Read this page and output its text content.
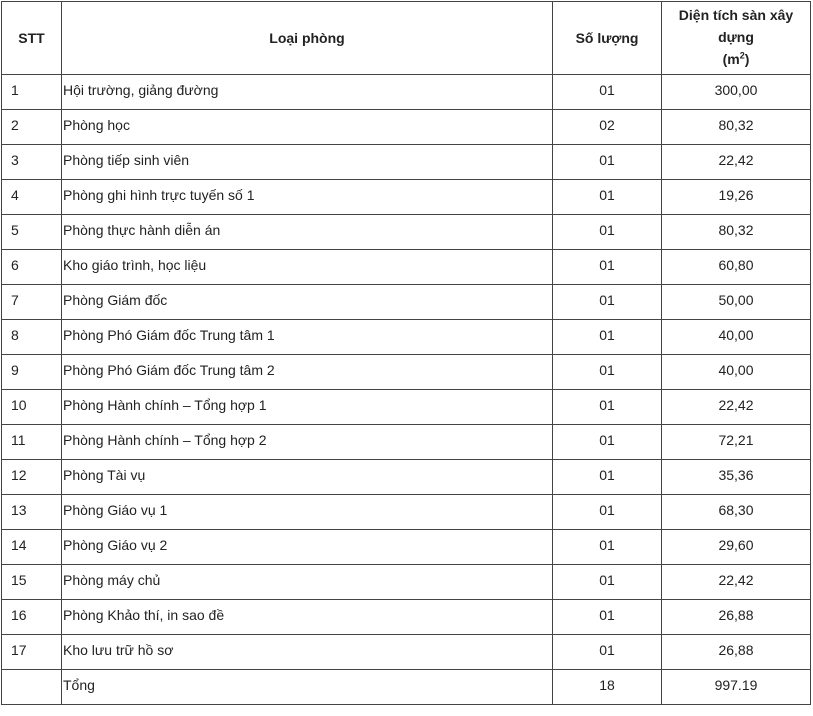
STT	Loại phòng	Số lượng	Diện tích sàn xây dựng
$(m^2)$
1	Hội trường, giảng đường	01	300,00
2	Phòng học	02	80,32
3	Phòng tiếp sinh viên	01	22,42
4	Phòng ghi hình trực tuyến số 1	01	19,26
5	Phòng thực hành diễn án	01	80,32
6	Kho giáo trình, học liệu	01	60,80
7	Phòng Giám đốc	01	50,00
8	Phòng Phó Giám đốc Trung tâm 1	01	40,00
9	Phòng Phó Giám đốc Trung tâm 2	01	40,00
10	Phòng Hành chính – Tổng hợp 1	01	22,42
11	Phòng Hành chính – Tổng hợp 2	01	72,21
12	Phòng Tài vụ	01	35,36
13	Phòng Giáo vụ 1	01	68,30
14	Phòng Giáo vụ 2	01	29,60
15	Phòng máy chủ	01	22,42
16	Phòng Khảo thí, in sao đề	01	26,88
17	Kho lưu trữ hồ sơ	01	26,88
	Tổng	18	997.19
